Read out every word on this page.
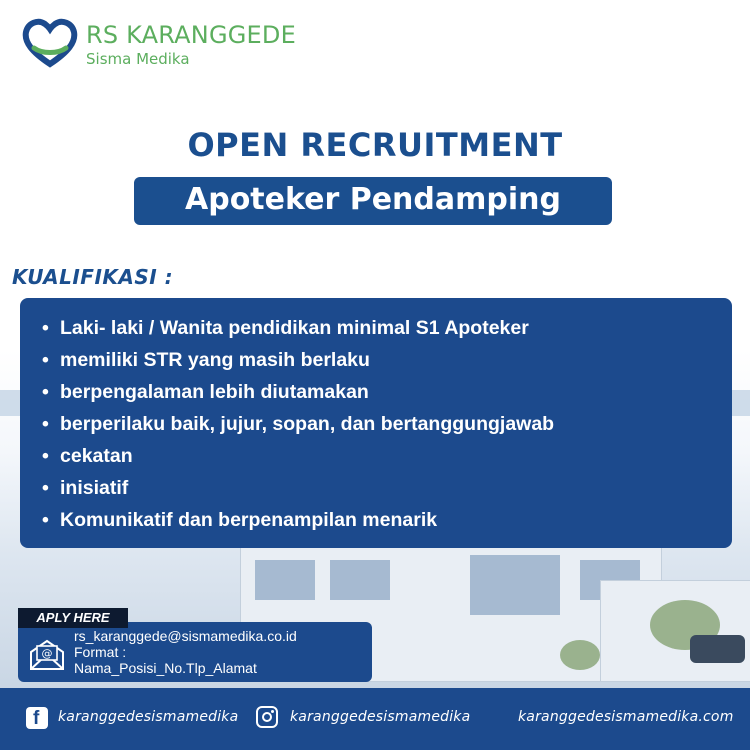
RS KARANGGEDE
Sisma Medika
OPEN RECRUITMENT
Apoteker Pendamping
KUALIFIKASI :
• Laki- laki / Wanita pendidikan minimal S1 Apoteker
• memiliki STR yang masih berlaku
• berpengalaman lebih diutamakan
• berperilaku baik, jujur, sopan, dan bertanggungjawab
• cekatan
• inisiatif
• Komunikatif dan berpenampilan menarik
@
rs_karanggede@sismamedika.co.id
Format :
Nama_Posisi_No.Tlp_Alamat
APLY HERE
f karanggedesismamedika	karanggedesismamedika	karanggedesismamedika.com
